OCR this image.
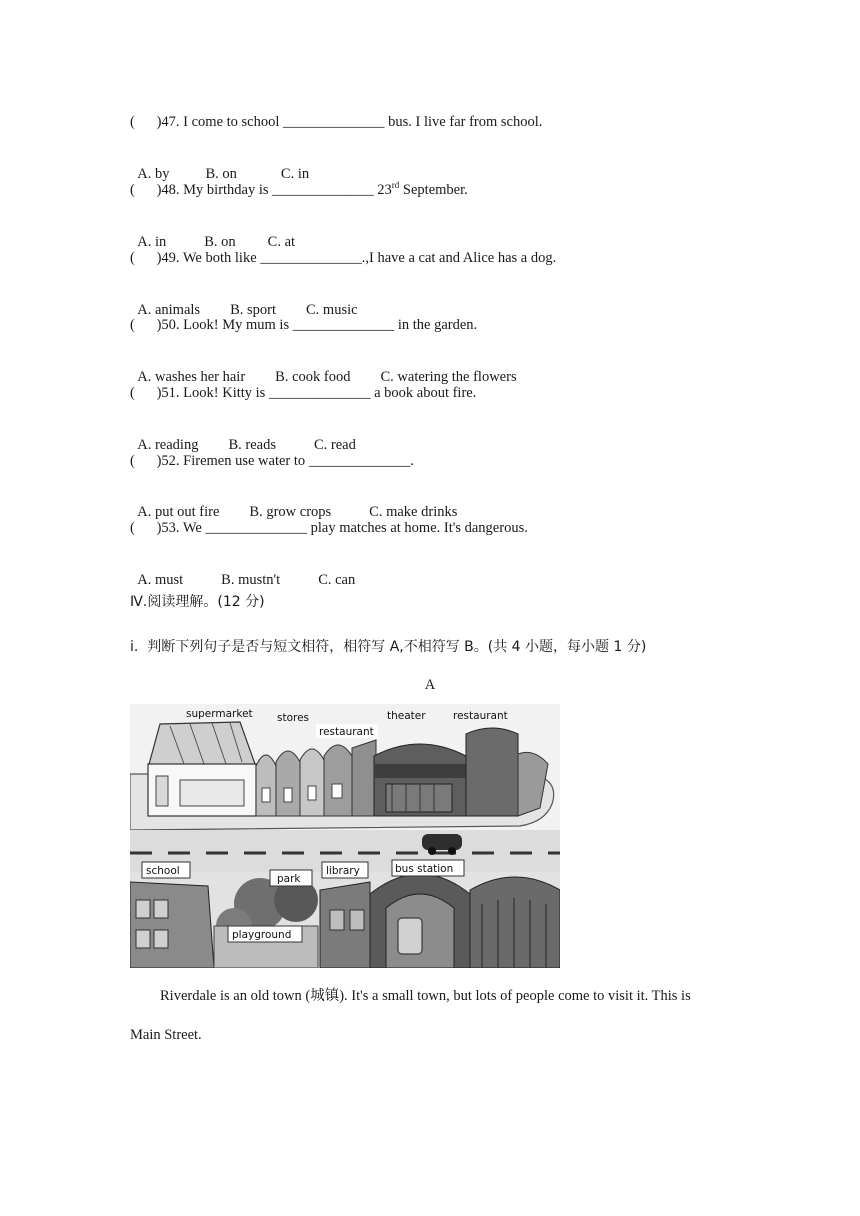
(      )47. I come to school ______________ bus. I live far from school.

A. by B. on	C. in

(      )48. My birthday is ______________ 23rd September.

A. in	B. on C. at

(      )49. We both like ______________.,I have a cat and Alice has a dog.

A. animals B. sport C. music

(      )50. Look! My mum is ______________ in the garden.

A. washes her hair B. cook food C. watering the flowers

(      )51. Look! Kitty is ______________ a book about fire.

A. reading B. reads	C. read

(      )52. Firemen use water to ______________.

A. put out fire B. grow crops	C. make drinks

(      )53. We ______________ play matches at home. It's dangerous.

A. must	B. mustn't	C. can

Ⅳ.阅读理解。(12 分)
i.  判断下列句子是否与短文相符，相符写 A,不相符写 B。(共 4 小题，每小题 1 分)
A
supermarket stores
restaurant
theater	restaurant
school
park
library	bus station
playground
Riverdale is an old town (城镇). It's a small town, but lots of people come to visit it. This is
Main Street.
